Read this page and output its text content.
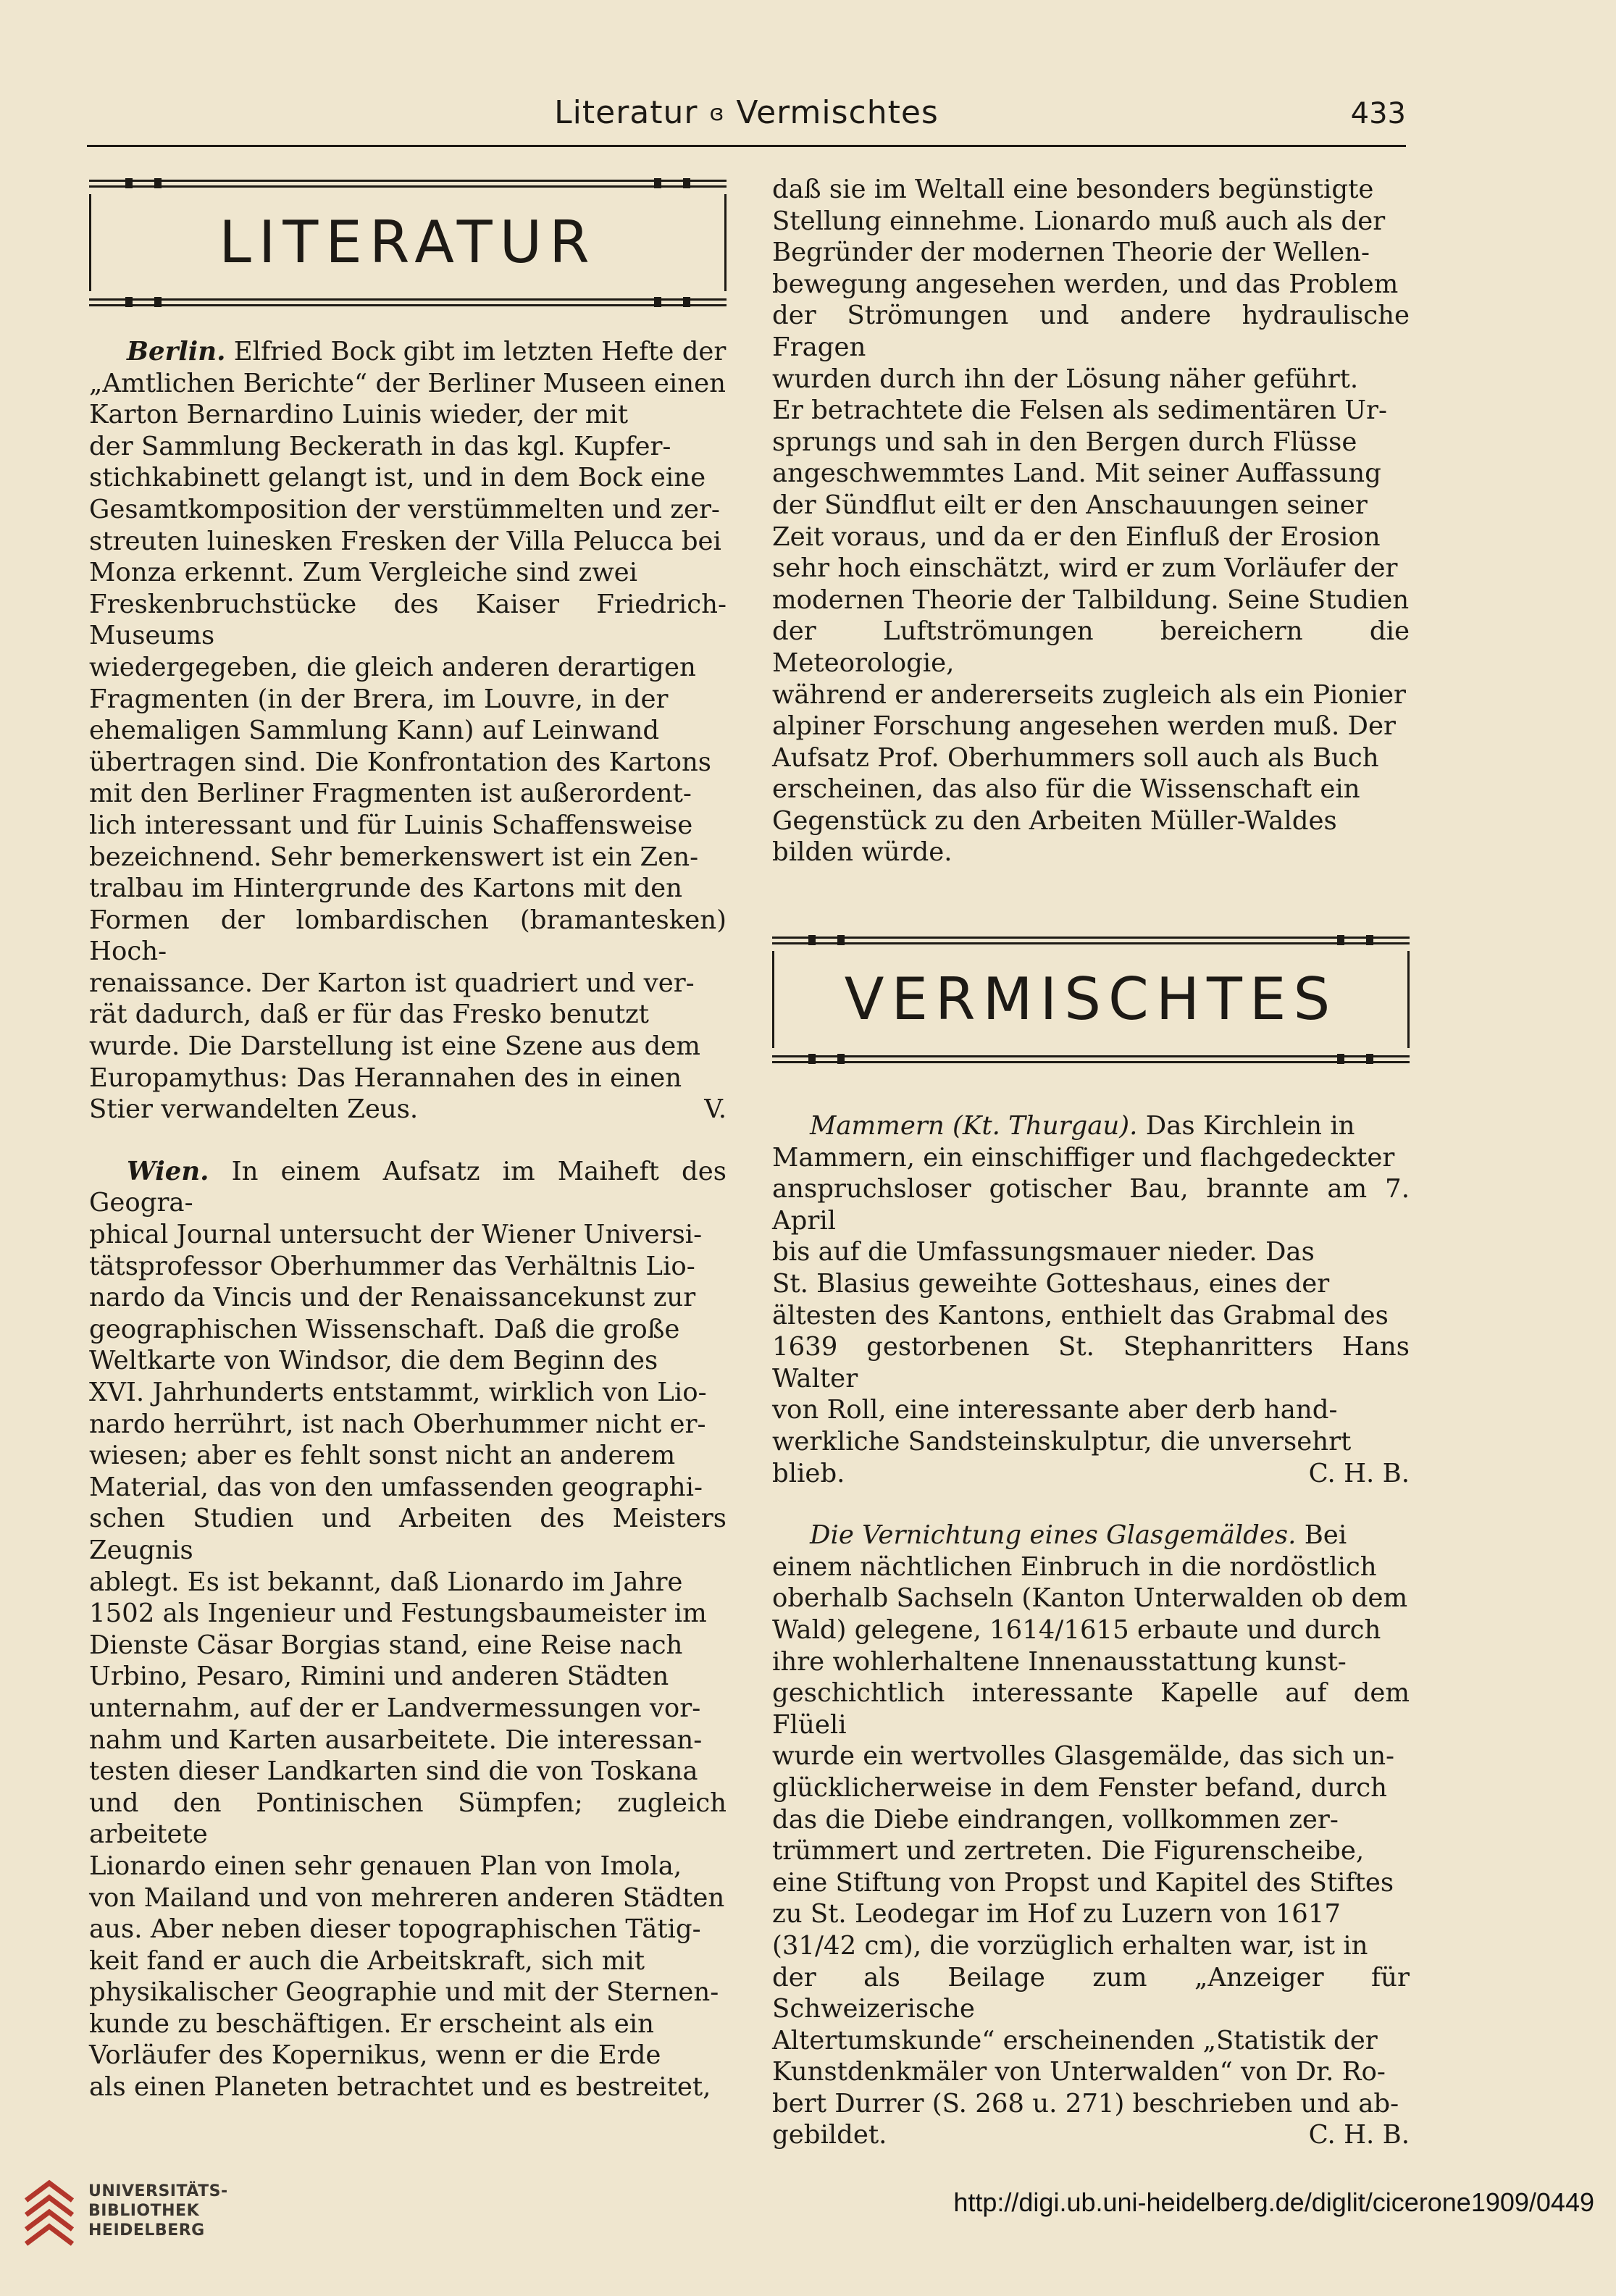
Literatur ɞ Vermischtes	433
LITERATUR

Berlin. Elfried Bock gibt im letzten Hefte der

„Amtlichen Berichte“ der Berliner Museen einen

Karton Bernardino Luinis wieder, der mit

der Sammlung Beckerath in das kgl. Kupfer-

stichkabinett gelangt ist, und in dem Bock eine

Gesamtkomposition der verstümmelten und zer-

streuten luinesken Fresken der Villa Pelucca bei

Monza erkennt. Zum Vergleiche sind zwei

Freskenbruchstücke des Kaiser Friedrich-Museums

wiedergegeben, die gleich anderen derartigen

Fragmenten (in der Brera, im Louvre, in der

ehemaligen Sammlung Kann) auf Leinwand

übertragen sind. Die Konfrontation des Kartons

mit den Berliner Fragmenten ist außerordent-

lich interessant und für Luinis Schaffensweise

bezeichnend. Sehr bemerkenswert ist ein Zen-

tralbau im Hintergrunde des Kartons mit den

Formen der lombardischen (bramantesken) Hoch-

renaissance. Der Karton ist quadriert und ver-

rät dadurch, daß er für das Fresko benutzt

wurde. Die Darstellung ist eine Szene aus dem

Europamythus: Das Herannahen des in einen

Stier verwandelten Zeus.	V.

Wien. In einem Aufsatz im Maiheft des Geogra-

phical Journal untersucht der Wiener Universi-

tätsprofessor Oberhummer das Verhältnis Lio-

nardo da Vincis und der Renaissancekunst zur

geographischen Wissenschaft. Daß die große

Weltkarte von Windsor, die dem Beginn des

XVI. Jahrhunderts entstammt, wirklich von Lio-

nardo herrührt, ist nach Oberhummer nicht er-

wiesen; aber es fehlt sonst nicht an anderem

Material, das von den umfassenden geographi-

schen Studien und Arbeiten des Meisters Zeugnis

ablegt. Es ist bekannt, daß Lionardo im Jahre

1502 als Ingenieur und Festungsbaumeister im

Dienste Cäsar Borgias stand, eine Reise nach

Urbino, Pesaro, Rimini und anderen Städten

unternahm, auf der er Landvermessungen vor-

nahm und Karten ausarbeitete. Die interessan-

testen dieser Landkarten sind die von Toskana

und den Pontinischen Sümpfen; zugleich arbeitete

Lionardo einen sehr genauen Plan von Imola,

von Mailand und von mehreren anderen Städten

aus. Aber neben dieser topographischen Tätig-

keit fand er auch die Arbeitskraft, sich mit

physikalischer Geographie und mit der Sternen-

kunde zu beschäftigen. Er erscheint als ein

Vorläufer des Kopernikus, wenn er die Erde

als einen Planeten betrachtet und es bestreitet,

daß sie im Weltall eine besonders begünstigte

Stellung einnehme. Lionardo muß auch als der

Begründer der modernen Theorie der Wellen-

bewegung angesehen werden, und das Problem

der Strömungen und andere hydraulische Fragen

wurden durch ihn der Lösung näher geführt.

Er betrachtete die Felsen als sedimentären Ur-

sprungs und sah in den Bergen durch Flüsse

angeschwemmtes Land. Mit seiner Auffassung

der Sündflut eilt er den Anschauungen seiner

Zeit voraus, und da er den Einfluß der Erosion

sehr hoch einschätzt, wird er zum Vorläufer der

modernen Theorie der Talbildung. Seine Studien

der Luftströmungen bereichern die Meteorologie,

während er andererseits zugleich als ein Pionier

alpiner Forschung angesehen werden muß. Der

Aufsatz Prof. Oberhummers soll auch als Buch

erscheinen, das also für die Wissenschaft ein

Gegenstück zu den Arbeiten Müller-Waldes

bilden würde.

VERMISCHTES

Mammern (Kt. Thurgau). Das Kirchlein in

Mammern, ein einschiffiger und flachgedeckter

anspruchsloser gotischer Bau, brannte am 7. April

bis auf die Umfassungsmauer nieder. Das

St. Blasius geweihte Gotteshaus, eines der

ältesten des Kantons, enthielt das Grabmal des

1639 gestorbenen St. Stephanritters Hans Walter

von Roll, eine interessante aber derb hand-

werkliche Sandsteinskulptur, die unversehrt

blieb.	C. H. B.

Die Vernichtung eines Glasgemäldes. Bei

einem nächtlichen Einbruch in die nordöstlich

oberhalb Sachseln (Kanton Unterwalden ob dem

Wald) gelegene, 1614/1615 erbaute und durch

ihre wohlerhaltene Innenausstattung kunst-

geschichtlich interessante Kapelle auf dem Flüeli

wurde ein wertvolles Glasgemälde, das sich un-

glücklicherweise in dem Fenster befand, durch

das die Diebe eindrangen, vollkommen zer-

trümmert und zertreten. Die Figurenscheibe,

eine Stiftung von Propst und Kapitel des Stiftes

zu St. Leodegar im Hof zu Luzern von 1617

(31/42 cm), die vorzüglich erhalten war, ist in

der als Beilage zum „Anzeiger für Schweizerische

Altertumskunde“ erscheinenden „Statistik der

Kunstdenkmäler von Unterwalden“ von Dr. Ro-

bert Durrer (S. 268 u. 271) beschrieben und ab-

gebildet.	C. H. B.

UNIVERSITÄTS-
BIBLIOTHEK
HEIDELBERG
http://digi.ub.uni-heidelberg.de/diglit/cicerone1909/0449
